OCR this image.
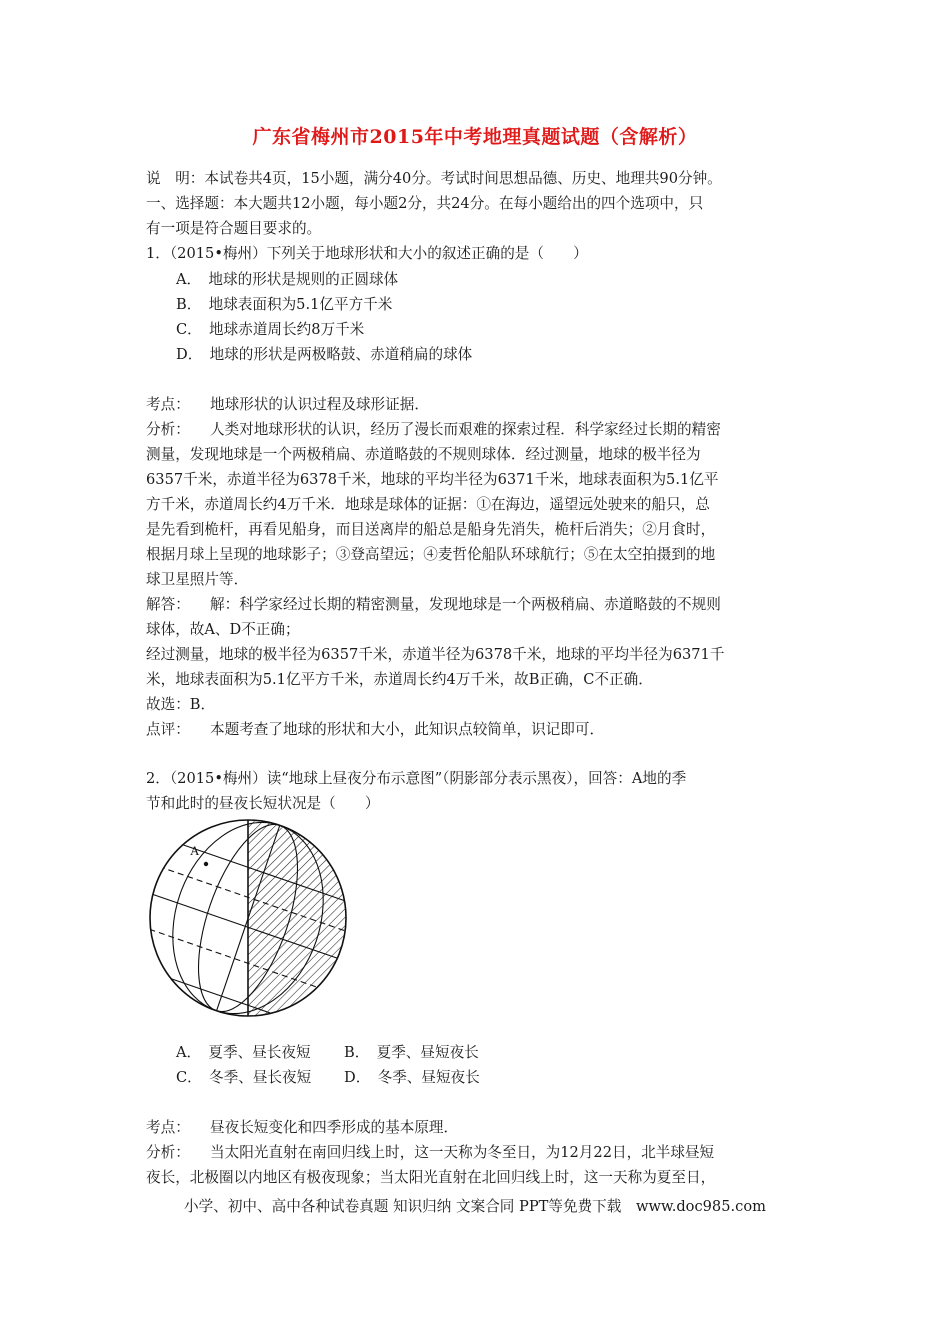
广东省梅州市2015年中考地理真题试题（含解析）
说　明：本试卷共4页，15小题，满分40分。考试时间思想品德、历史、地理共90分钟。
一、选择题：本大题共12小题，每小题2分，共24分。在每小题给出的四个选项中，只
有一项是符合题目要求的。
1．（2015•梅州）下列关于地球形状和大小的叙述正确的是（　　）
A．　地球的形状是规则的正圆球体
B．　地球表面积为5.1亿平方千米
C．　地球赤道周长约8万千米
D．　地球的形状是两极略鼓、赤道稍扁的球体
考点： 地球形状的认识过程及球形证据．
分析： 人类对地球形状的认识，经历了漫长而艰难的探索过程．科学家经过长期的精密
测量，发现地球是一个两极稍扁、赤道略鼓的不规则球体．经过测量，地球的极半径为
6357千米，赤道半径为6378千米，地球的平均半径为6371千米，地球表面积为5.1亿平
方千米，赤道周长约4万千米．地球是球体的证据：①在海边，遥望远处驶来的船只，总
是先看到桅杆，再看见船身，而目送离岸的船总是船身先消失，桅杆后消失；②月食时，
根据月球上呈现的地球影子；③登高望远；④麦哲伦船队环球航行；⑤在太空拍摄到的地
球卫星照片等．
解答： 解：科学家经过长期的精密测量，发现地球是一个两极稍扁、赤道略鼓的不规则
球体，故A、D不正确；
经过测量，地球的极半径为6357千米，赤道半径为6378千米，地球的平均半径为6371千
米，地球表面积为5.1亿平方千米，赤道周长约4万千米，故B正确，C不正确．
故选：B．
点评： 本题考查了地球的形状和大小，此知识点较简单，识记即可．
2．（2015•梅州）读“地球上昼夜分布示意图”（阴影部分表示黑夜），回答：A地的季
节和此时的昼夜长短状况是（　　）
A
A．　夏季、昼长夜短 B．　夏季、昼短夜长
C．　冬季、昼长夜短 D．　冬季、昼短夜长
考点： 昼夜长短变化和四季形成的基本原理．
分析： 当太阳光直射在南回归线上时，这一天称为冬至日，为12月22日，北半球昼短
夜长，北极圈以内地区有极夜现象；当太阳光直射在北回归线上时，这一天称为夏至日，
小学、初中、高中各种试卷真题 知识归纳 文案合同 PPT等免费下载　www.doc985.com
